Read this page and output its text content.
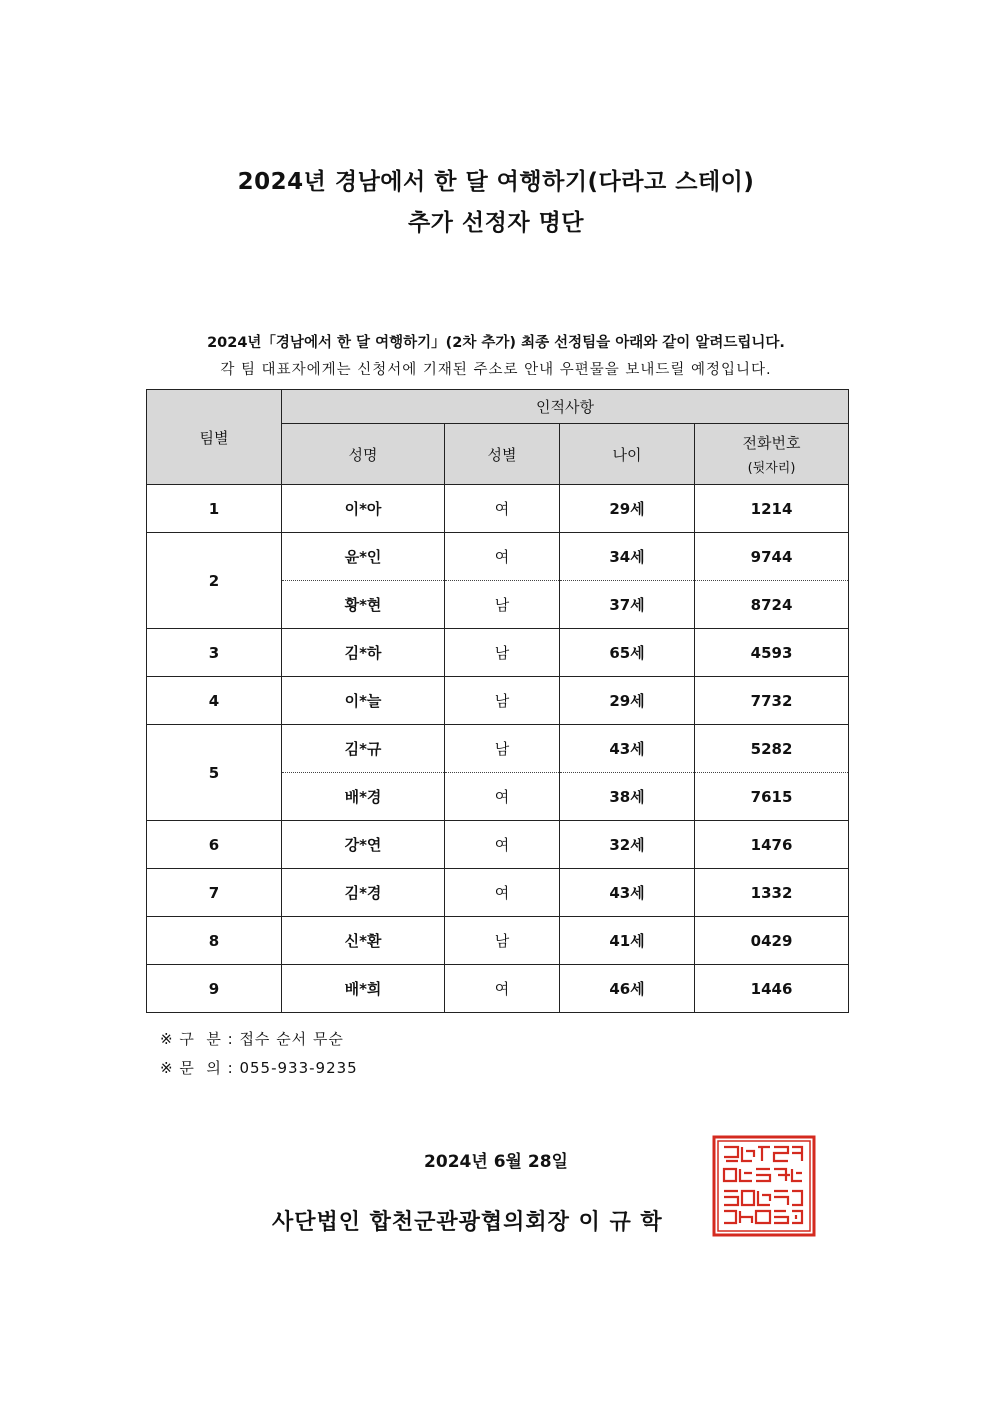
2024년 경남에서 한 달 여행하기(다라고 스테이)
추가 선정자 명단
2024년「경남에서 한 달 여행하기」(2차 추가) 최종 선정팀을 아래와 같이 알려드립니다.
각 팀 대표자에게는 신청서에 기재된 주소로 안내 우편물을 보내드릴 예정입니다.
팀별	인적사항			
	성명	성별	나이	전화번호
(뒷자리)

1	이*아	여	29세	1214
2	윤*인	여	34세	9744
	황*현	남	37세	8724
3	김*하	남	65세	4593
4	이*늘	남	29세	7732
5	김*규	남	43세	5282
	배*경	여	38세	7615
6	강*연	여	32세	1476
7	김*경	여	43세	1332
8	신*환	남	41세	0429
9	배*희	여	46세	1446
※ 구  분 : 접수 순서 무순
※ 문  의 : 055-933-9235
2024년 6월 28일
사단법인 합천군관광협의회장 이 규 학
